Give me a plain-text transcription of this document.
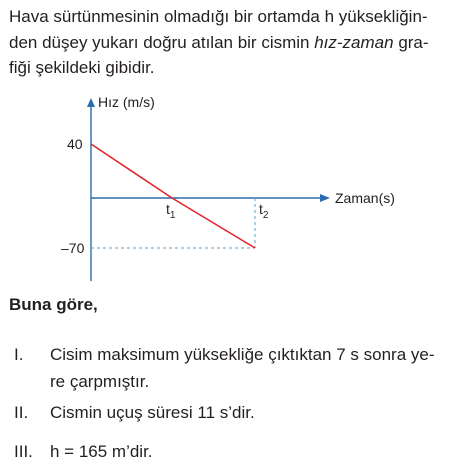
Hava sürtünmesinin olmadığı bir ortamda h yüksekliğin-

den düşey yukarı doğru atılan bir cismin hız-zaman gra-

fiği şekildeki gibidir.

Hız (m/s)
Zaman(s)
40
–70
$t_1$	$t_2$
Buna göre,
I. Cisim maksimum yüksekliğe çıktıktan 7 s sonra ye-
re çarpmıştır.
II. Cismin uçuş süresi 11 s’dir.
III. h = 165 m’dir.
